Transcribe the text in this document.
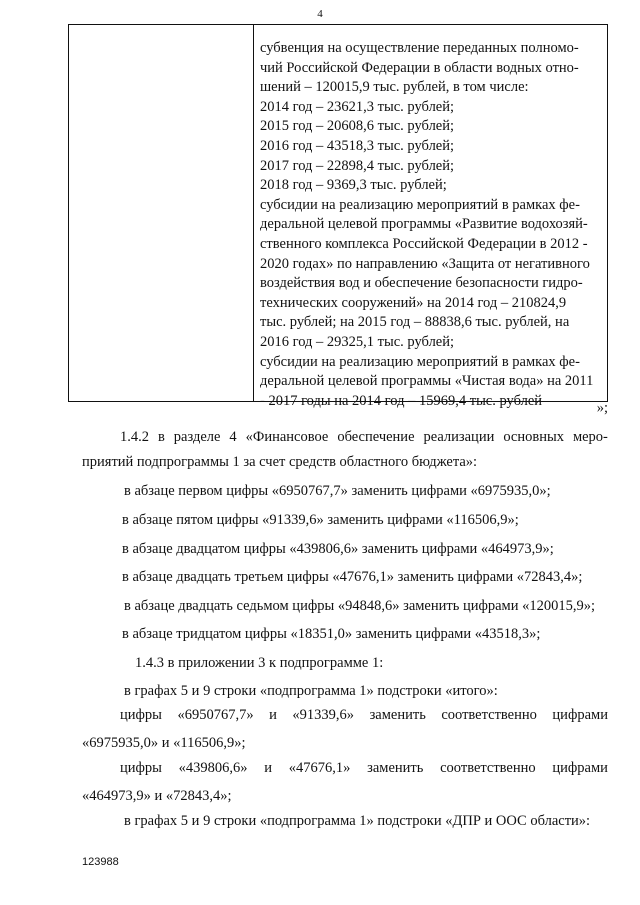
4
субвенция на осуществление переданных полномо-
чий Российской Федерации в области водных отно-
шений – 120015,9 тыс. рублей, в том числе:
2014 год – 23621,3 тыс. рублей;
2015 год – 20608,6 тыс. рублей;
2016 год – 43518,3 тыс. рублей;
2017 год – 22898,4 тыс. рублей;
2018 год – 9369,3 тыс. рублей;
субсидии на реализацию мероприятий в рамках фе-
деральной целевой программы «Развитие водохозяй-
ственного комплекса Российской Федерации в 2012 -
2020 годах» по направлению «Защита от негативного
воздействия вод и обеспечение безопасности гидро-
технических сооружений» на 2014 год – 210824,9
тыс. рублей; на 2015 год – 88838,6 тыс. рублей, на
2016 год – 29325,1 тыс. рублей;
субсидии на реализацию мероприятий в рамках фе-
деральной целевой программы «Чистая вода» на 2011
- 2017 годы на 2014 год – 15969,4 тыс. рублей	»;
1.4.2 в разделе 4 «Финансовое обеспечение реализации основных меро-
приятий подпрограммы 1 за счет средств областного бюджета»:
в абзаце первом цифры «6950767,7» заменить цифрами «6975935,0»;
в абзаце пятом цифры «91339,6» заменить цифрами «116506,9»;
в абзаце двадцатом цифры «439806,6» заменить цифрами «464973,9»;
в абзаце двадцать третьем цифры «47676,1» заменить цифрами «72843,4»;
в абзаце двадцать седьмом цифры «94848,6» заменить цифрами «120015,9»;
в абзаце тридцатом цифры «18351,0» заменить цифрами «43518,3»;
1.4.3 в приложении 3 к подпрограмме 1:
в графах 5 и 9 строки «подпрограмма 1» подстроки «итого»:
цифры «6950767,7» и «91339,6» заменить соответственно цифрами
«6975935,0» и «116506,9»;
цифры «439806,6» и «47676,1» заменить соответственно цифрами
«464973,9» и «72843,4»;
в графах 5 и 9 строки «подпрограмма 1» подстроки «ДПР и ООС области»:
123988
